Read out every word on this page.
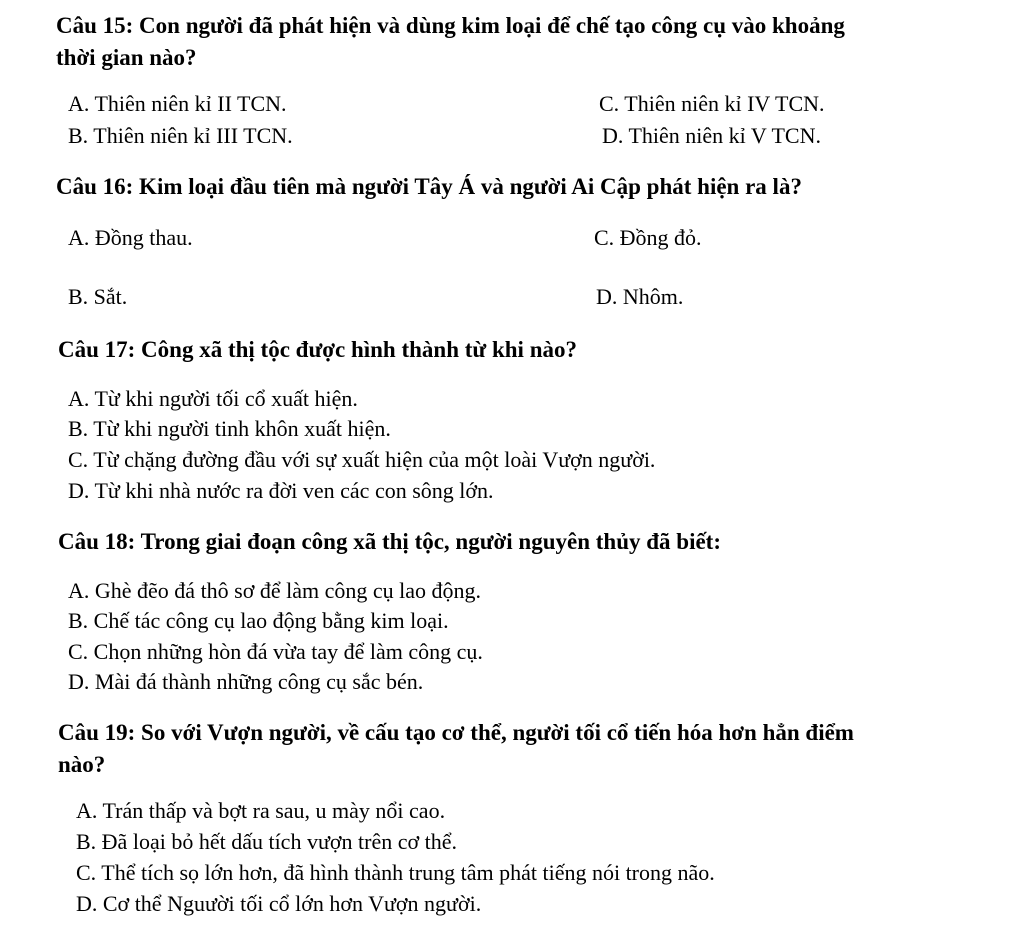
Câu 15: Con người đã phát hiện và dùng kim loại để chế tạo công cụ vào khoảng

thời gian nào?

A. Thiên niên kỉ II TCN.	C. Thiên niên kỉ IV TCN.

B. Thiên niên kỉ III TCN.	D. Thiên niên kỉ V TCN.

Câu 16: Kim loại đầu tiên mà người Tây Á và người Ai Cập phát hiện ra là?

A. Đồng thau.	C. Đồng đỏ.

B. Sắt.	D. Nhôm.

Câu 17: Công xã thị tộc được hình thành từ khi nào?

A. Từ khi người tối cổ xuất hiện.

B. Từ khi người tinh khôn xuất hiện.

C. Từ chặng đường đầu với sự xuất hiện của một loài Vượn người.

D. Từ khi nhà nước ra đời ven các con sông lớn.

Câu 18: Trong giai đoạn công xã thị tộc, người nguyên thủy đã biết:

A. Ghè đẽo đá thô sơ để làm công cụ lao động.

B. Chế tác công cụ lao động bằng kim loại.

C. Chọn những hòn đá vừa tay để làm công cụ.

D. Mài đá thành những công cụ sắc bén.

Câu 19: So với Vượn người, về cấu tạo cơ thể, người tối cổ tiến hóa hơn hẳn điểm

nào?

A. Trán thấp và bợt ra sau, u mày nổi cao.

B. Đã loại bỏ hết dấu tích vượn trên cơ thể.

C. Thể tích sọ lớn hơn, đã hình thành trung tâm phát tiếng nói trong não.

D. Cơ thể Nguười tối cổ lớn hơn Vượn người.
